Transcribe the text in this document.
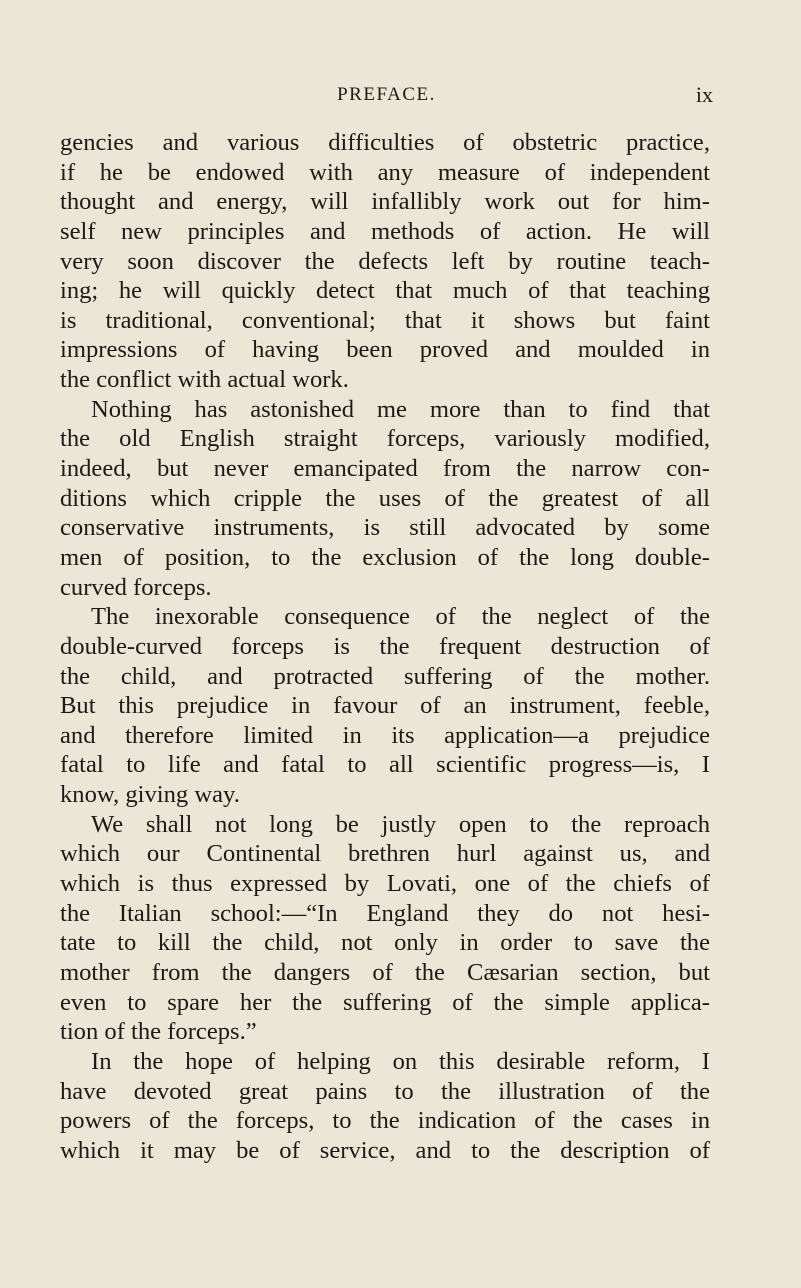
PREFACE.	ix
gencies and various difficulties of obstetric practice,
if he be endowed with any measure of independent
thought and energy, will infallibly work out for him-
self new principles and methods of action. He will
very soon discover the defects left by routine teach-
ing; he will quickly detect that much of that teaching
is traditional, conventional; that it shows but faint
impressions of having been proved and moulded in
the conflict with actual work.
Nothing has astonished me more than to find that
the old English straight forceps, variously modified,
indeed, but never emancipated from the narrow con-
ditions which cripple the uses of the greatest of all
conservative instruments, is still advocated by some
men of position, to the exclusion of the long double-
curved forceps.
The inexorable consequence of the neglect of the
double-curved forceps is the frequent destruction of
the child, and protracted suffering of the mother.
But this prejudice in favour of an instrument, feeble,
and therefore limited in its application—a prejudice
fatal to life and fatal to all scientific progress—is, I
know, giving way.
We shall not long be justly open to the reproach
which our Continental brethren hurl against us, and
which is thus expressed by Lovati, one of the chiefs of
the Italian school:—“In England they do not hesi-
tate to kill the child, not only in order to save the
mother from the dangers of the Cæsarian section, but
even to spare her the suffering of the simple applica-
tion of the forceps.”
In the hope of helping on this desirable reform, I
have devoted great pains to the illustration of the
powers of the forceps, to the indication of the cases in
which it may be of service, and to the description of
